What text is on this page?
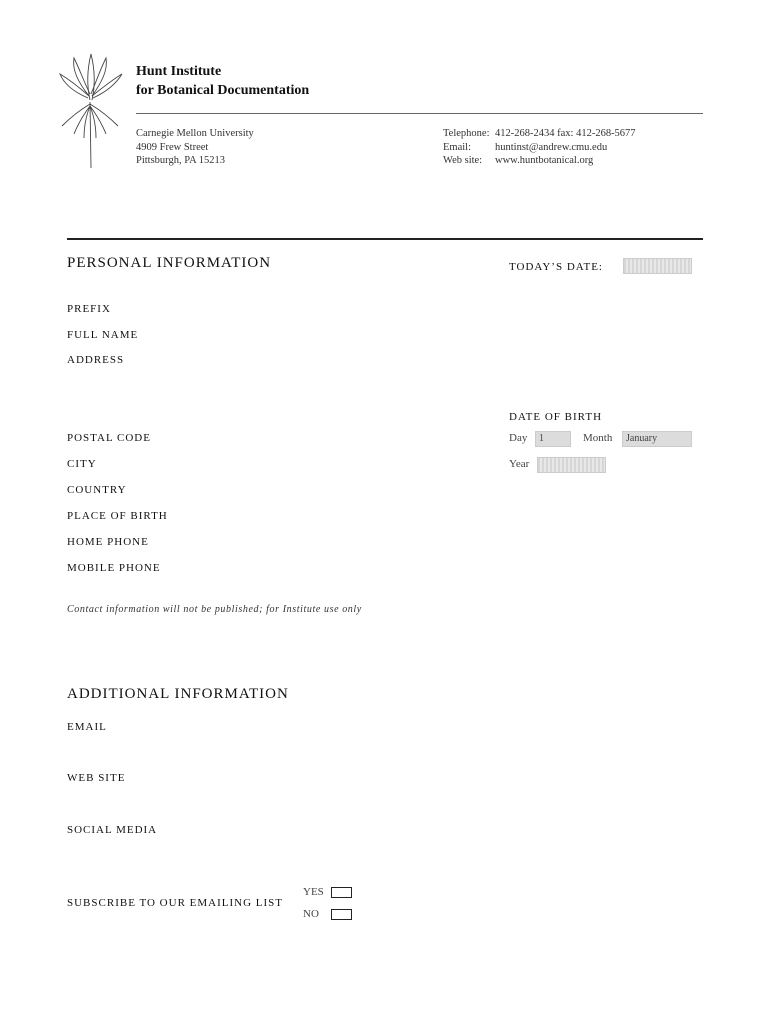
Hunt Institute
for Botanical Documentation
Carnegie Mellon University
4909 Frew Street
Pittsburgh, PA 15213
Telephone: 412-268-2434 fax: 412-268-5677
Email:	huntinst@andrew.cmu.edu
Web site:	www.huntbotanical.org
PERSONAL INFORMATION	TODAY’S DATE:
PREFIX
FULL NAME
ADDRESS
POSTAL CODE
CITY
COUNTRY
PLACE OF BIRTH
HOME PHONE
MOBILE PHONE
DATE OF BIRTH
Day	1	Month	January
Year
Contact information will not be published; for Institute use only
ADDITIONAL INFORMATION
EMAIL
WEB SITE
SOCIAL MEDIA
SUBSCRIBE TO OUR EMAILING LIST
YES
NO
